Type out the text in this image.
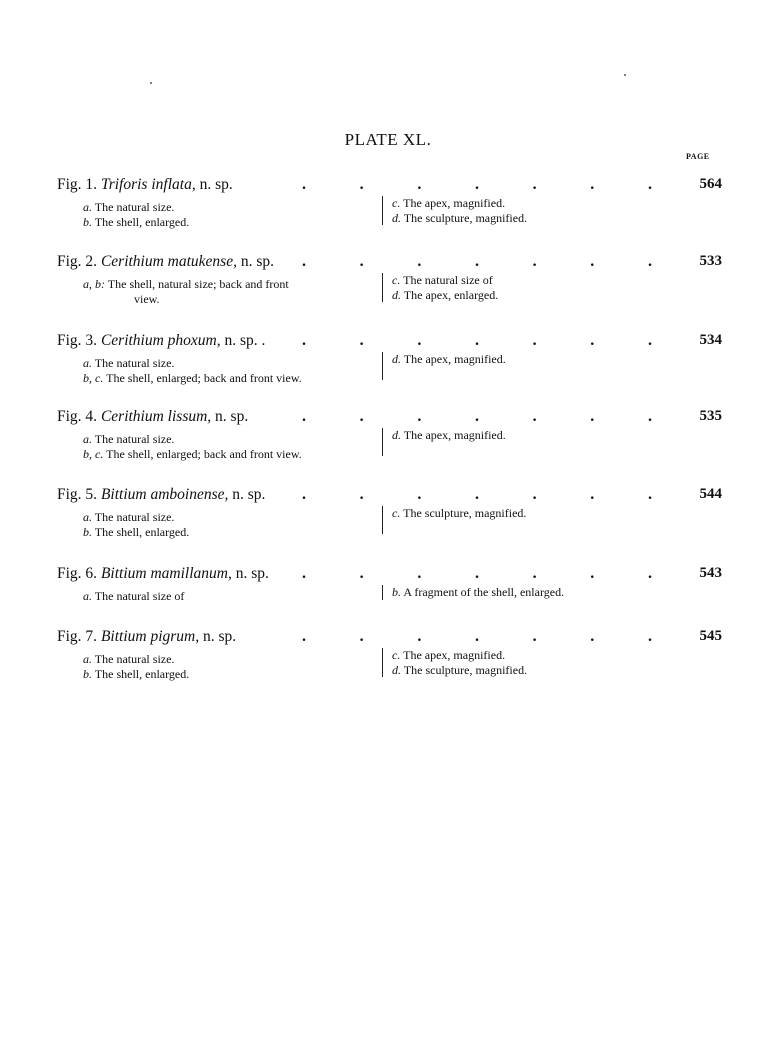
PLATE XL.
PAGE
Fig. 1. Triforis inflata, n. sp.	.	.	.	.	.	.	.	564
a. The natural size.
b. The shell, enlarged.
c. The apex, magnified.
d. The sculpture, magnified.
Fig. 2. Cerithium matukense, n. sp. .	.	.	.	.	.	.	533
a, b: The shell, natural size; back and front
view.
c. The natural size of
d. The apex, enlarged.
Fig. 3. Cerithium phoxum, n. sp. . .	.	.	.	.	.	.	534
a. The natural size.
b, c. The shell, enlarged; back and front view.
d. The apex, magnified.
Fig. 4. Cerithium lissum, n. sp.	.	.	.	.	.	.	.	535
a. The natural size.
b, c. The shell, enlarged; back and front view.
d. The apex, magnified.
Fig. 5. Bittium amboinense, n. sp. .	.	.	.	.	.	.	544
a. The natural size.
b. The shell, enlarged.
c. The sculpture, magnified.
Fig. 6. Bittium mamillanum, n. sp. .	.	.	.	.	.	.	543
a. The natural size of	b. A fragment of the shell, enlarged.
Fig. 7. Bittium pigrum, n. sp.	.	.	.	.	.	.	.	545
a. The natural size.
b. The shell, enlarged.
c. The apex, magnified.
d. The sculpture, magnified.
